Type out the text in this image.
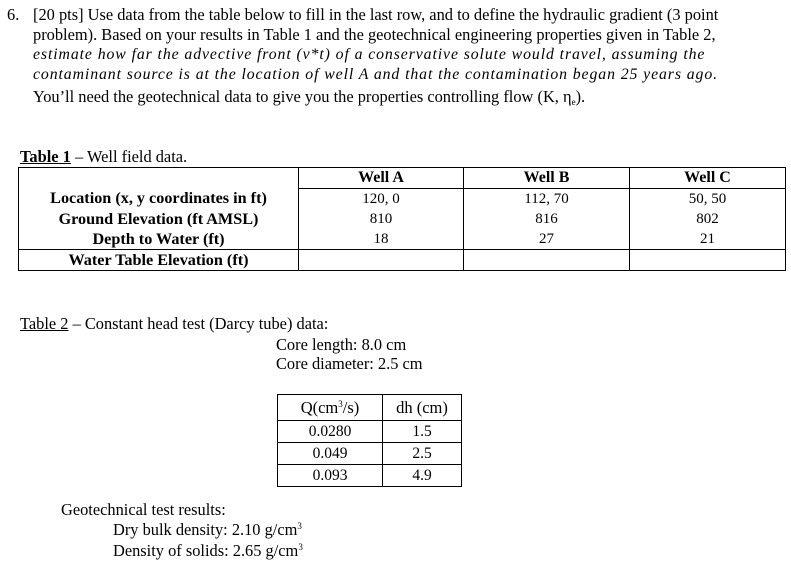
6. [20 pts] Use data from the table below to fill in the last row, and to define the hydraulic gradient (3 point
problem). Based on your results in Table 1 and the geotechnical engineering properties given in Table 2,
estimate how far the advective front (v*t) of a conservative solute would travel, assuming the
contaminant source is at the location of well A and that the contamination began 25 years ago.
You’ll need the geotechnical data to give you the properties controlling flow (K, $\eta_e$).
Table 1 – Well field data.
	Well A	Well B	Well C
Location (x, y coordinates in ft)	120, 0	112, 70	50, 50
Ground Elevation (ft AMSL)	810	816	802
Depth to Water (ft)	18	27	21
Water Table Elevation (ft)			
Table 2 – Constant head test (Darcy tube) data:
Core length: 8.0 cm
Core diameter: 2.5 cm
$Q(cm^3/s)$	dh (cm)
0.0280	1.5
0.049	2.5
0.093	4.9
Geotechnical test results:
Dry bulk density: 2.10 $g/cm^3$
Density of solids: 2.65 $g/cm^3$
